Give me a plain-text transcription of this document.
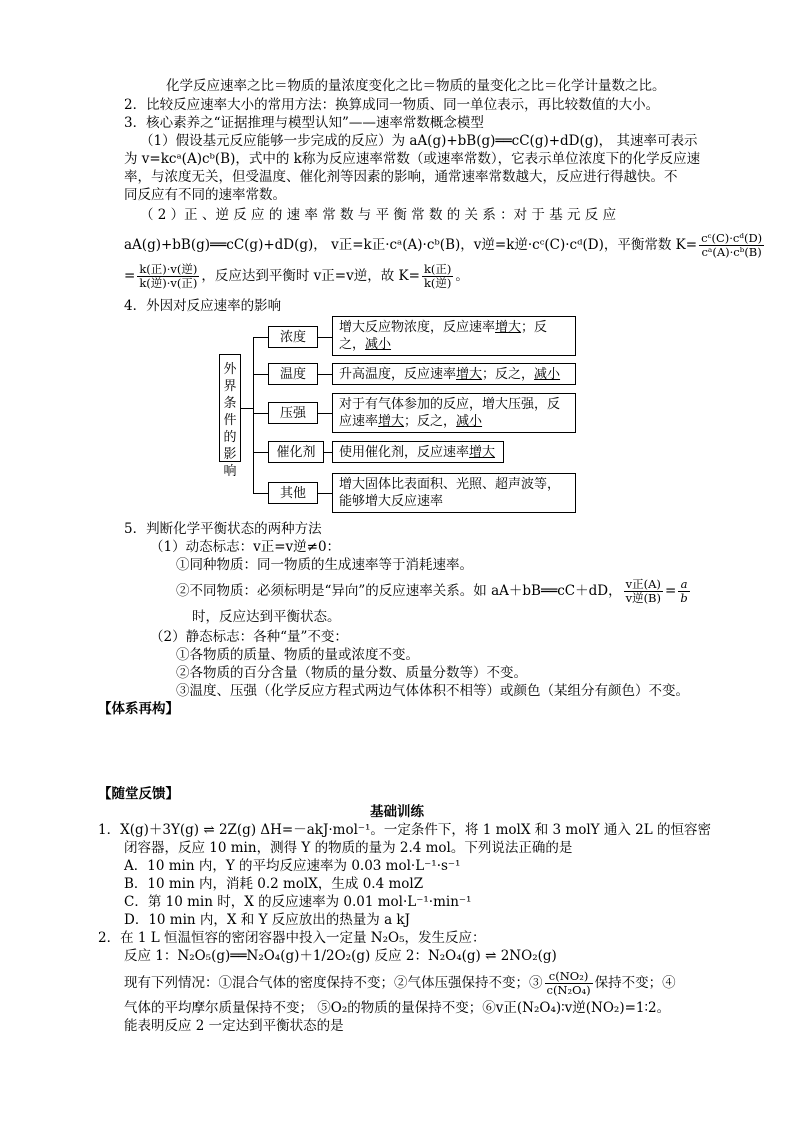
化学反应速率之比＝物质的量浓度变化之比＝物质的量变化之比＝化学计量数之比。
2．比较反应速率大小的常用方法：换算成同一物质、同一单位表示，再比较数值的大小。
3．核心素养之“证据推理与模型认知”——速率常数概念模型
（1）假设基元反应能够一步完成的反应）为 aA(g)+bB(g)══cC(g)+dD(g)， 其速率可表示
为 v=kcᵃ(A)cᵇ(B)，式中的 k称为反应速率常数（或速率常数），它表示单位浓度下的化学反应速
率，与浓度无关，但受温度、催化剂等因素的影响，通常速率常数越大，反应进行得越快。不
同反应有不同的速率常数。
（ 2 ）正 、逆 反 应 的 速 率 常 数 与 平 衡 常 数 的 关 系 ：对 于 基 元 反 应
aA(g)+bB(g)══cC(g)+dD(g)， v正=k正·cᵃ(A)·cᵇ(B)，v逆=k逆·cᶜ(C)·cᵈ(D)，平衡常数 $K= \frac{\text{cᶜ(C)·cᵈ(D)}}{\text{cᵃ(A)·cᵇ(B)}}$
= $\frac{\text{k(正)·v(逆)}}{\text{k(逆)·v(正)}}$ ，反应达到平衡时 v正=v逆，故 $K= \frac{\text{k(正)}}{\text{k(逆)}}$ 。
4．外因对反应速率的影响
外界条件的影响
浓度
增大反应物浓度，反应速率增大；反之，减小
温度	升高温度，反应速率增大；反之，减小
压强
对于有气体参加的反应，增大压强，反应速率增大；反之，减小
催化剂	使用催化剂，反应速率增大
其他
增大固体比表面积、光照、超声波等，能够增大反应速率
5．判断化学平衡状态的两种方法
（1）动态标志：v正=v逆≠0：
①同种物质：同一物质的生成速率等于消耗速率。
②不同物质：必须标明是“异向”的反应速率关系。如 aA＋bB══cC＋dD， $\frac{\text{v正(A)}}{\text{v逆(B)}} = \frac{a}{b}$
时，反应达到平衡状态。
（2）静态标志：各种“量”不变：
①各物质的质量、物质的量或浓度不变。
②各物质的百分含量（物质的量分数、质量分数等）不变。
③温度、压强（化学反应方程式两边气体体积不相等）或颜色（某组分有颜色）不变。
【体系再构】
【随堂反馈】
基础训练
1．X(g)＋3Y(g) ⇌ 2Z(g) ΔH=－akJ·mol⁻¹。一定条件下，将 1 molX 和 3 molY 通入 2L 的恒容密
闭容器，反应 10 min，测得 Y 的物质的量为 2.4 mol。下列说法正确的是
A．10 min 内，Y 的平均反应速率为 0.03 mol·L⁻¹·s⁻¹
B．10 min 内，消耗 0.2 molX，生成 0.4 molZ
C．第 10 min 时，X 的反应速率为 0.01 mol·L⁻¹·min⁻¹
D．10 min 内，X 和 Y 反应放出的热量为 a kJ
2．在 1 L 恒温恒容的密闭容器中投入一定量 N₂O₅，发生反应：
反应 1：N₂O₅(g)══N₂O₄(g)＋1/2O₂(g) 反应 2：N₂O₄(g) ⇌ 2NO₂(g)
现有下列情况：①混合气体的密度保持不变；②气体压强保持不变；③ $\frac{\text{c(NO₂)}}{\text{c(N₂O₄)}}$ 保持不变；④
气体的平均摩尔质量保持不变； ⑤O₂的物质的量保持不变；⑥v正(N₂O₄)∶v逆(NO₂)=1∶2。
能表明反应 2 一定达到平衡状态的是
